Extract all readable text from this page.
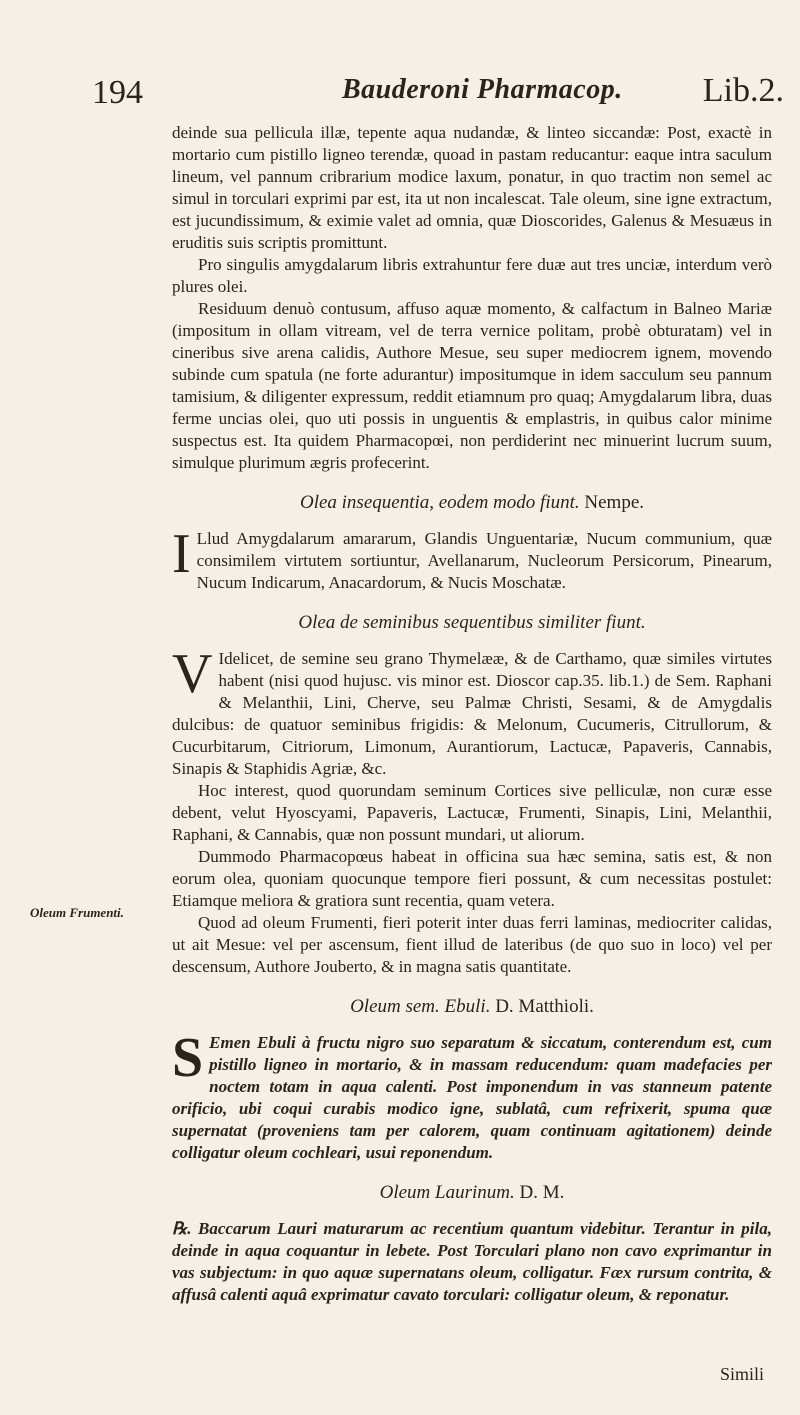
194	Bauderoni Pharmacop. Lib.2.
Oleum Frumenti.

deinde sua pellicula illæ, tepente aqua nudandæ, & linteo siccandæ: Post, exactè in mortario cum pistillo ligneo terendæ, quoad in pastam reducantur: eaque intra saculum lineum, vel pannum cribrarium modice laxum, ponatur, in quo tractim non semel ac simul in torculari exprimi par est, ita ut non incalescat. Tale oleum, sine igne extractum, est jucundissimum, & eximie valet ad omnia, quæ Dioscorides, Galenus & Mesuæus in eruditis suis scriptis promittunt.

Pro singulis amygdalarum libris extrahuntur fere duæ aut tres unciæ, interdum verò plures olei.

Residuum denuò contusum, affuso aquæ momento, & calfactum in Balneo Mariæ (impositum in ollam vitream, vel de terra vernice politam, probè obturatam) vel in cineribus sive arena calidis, Authore Mesue, seu super mediocrem ignem, movendo subinde cum spatula (ne forte adurantur) impositumque in idem sacculum seu pannum tamisium, & diligenter expressum, reddit etiamnum pro quaq; Amygdalarum libra, duas ferme uncias olei, quo uti possis in unguentis & emplastris, in quibus calor minime suspectus est. Ita quidem Pharmacopœi, non perdiderint nec minuerint lucrum suum, simulque plurimum ægris profecerint.

Olea insequentia, eodem modo fiunt. Nempe.

ILlud Amygdalarum amararum, Glandis Unguentariæ, Nucum communium, quæ consimilem virtutem sortiuntur, Avellanarum, Nucleorum Persicorum, Pinearum, Nucum Indicarum, Anacardorum, & Nucis Moschatæ.

Olea de seminibus sequentibus similiter fiunt.

VIdelicet, de semine seu grano Thymelææ, & de Carthamo, quæ similes virtutes habent (nisi quod hujusc. vis minor est. Dioscor cap.35. lib.1.) de Sem. Raphani & Melanthii, Lini, Cherve, seu Palmæ Christi, Sesami, & de Amygdalis dulcibus: de quatuor seminibus frigidis: & Melonum, Cucumeris, Citrullorum, & Cucurbitarum, Citriorum, Limonum, Aurantiorum, Lactucæ, Papaveris, Cannabis, Sinapis & Staphidis Agriæ, &c.

Hoc interest, quod quorundam seminum Cortices sive pelliculæ, non curæ esse debent, velut Hyoscyami, Papaveris, Lactucæ, Frumenti, Sinapis, Lini, Melanthii, Raphani, & Cannabis, quæ non possunt mundari, ut aliorum.

Dummodo Pharmacopœus habeat in officina sua hæc semina, satis est, & non eorum olea, quoniam quocunque tempore fieri possunt, & cum necessitas postulet: Etiamque meliora & gratiora sunt recentia, quam vetera.

Quod ad oleum Frumenti, fieri poterit inter duas ferri laminas, mediocriter calidas, ut ait Mesue: vel per ascensum, fient illud de lateribus (de quo suo in loco) vel per descensum, Authore Jouberto, & in magna satis quantitate.

Oleum sem. Ebuli. D. Matthioli.

SEmen Ebuli à fructu nigro suo separatum & siccatum, conterendum est, cum pistillo ligneo in mortario, & in massam reducendum: quam madefacies per noctem totam in aqua calenti. Post imponendum in vas stanneum patente orificio, ubi coqui curabis modico igne, sublatâ, cum refrixerit, spuma quæ supernatat (proveniens tam per calorem, quam continuam agitationem) deinde colligatur oleum cochleari, usui reponendum.

Oleum Laurinum. D. M.

℞. Baccarum Lauri maturarum ac recentium quantum videbitur. Terantur in pila, deinde in aqua coquantur in lebete. Post Torculari plano non cavo exprimantur in vas subjectum: in quo aquæ supernatans oleum, colligatur. Fæx rursum contrita, & affusâ calenti aquâ exprimatur cavato torculari: colligatur oleum, & reponatur.

Simili
